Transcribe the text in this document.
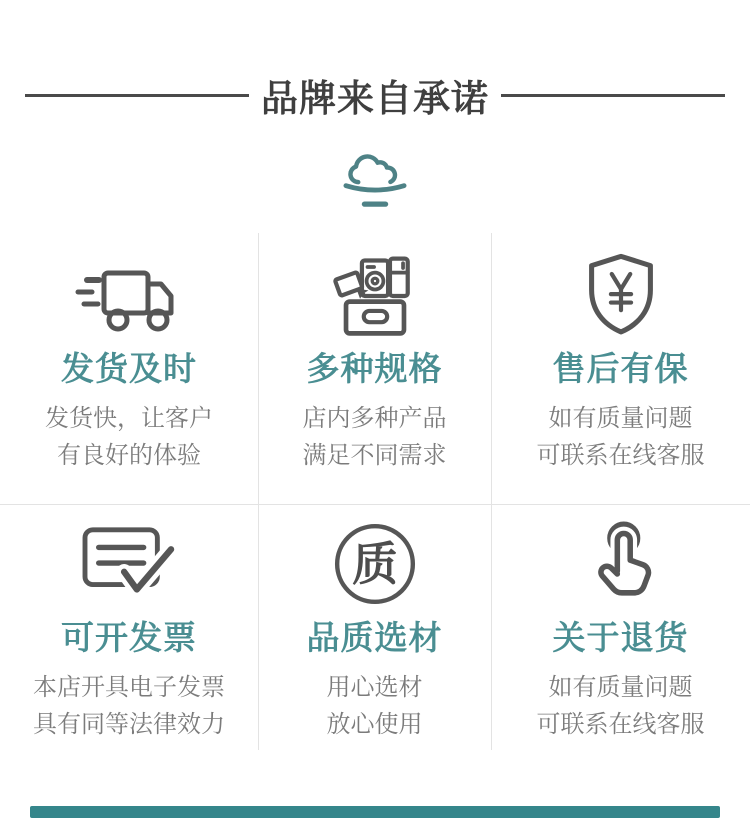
品牌来自承诺
发货及时
发货快，让客户
有良好的体验
多种规格
店内多种产品
满足不同需求
售后有保
如有质量问题
可联系在线客服
可开发票
本店开具电子发票
具有同等法律效力
质
品质选材
用心选材
放心使用
关于退货
如有质量问题
可联系在线客服
